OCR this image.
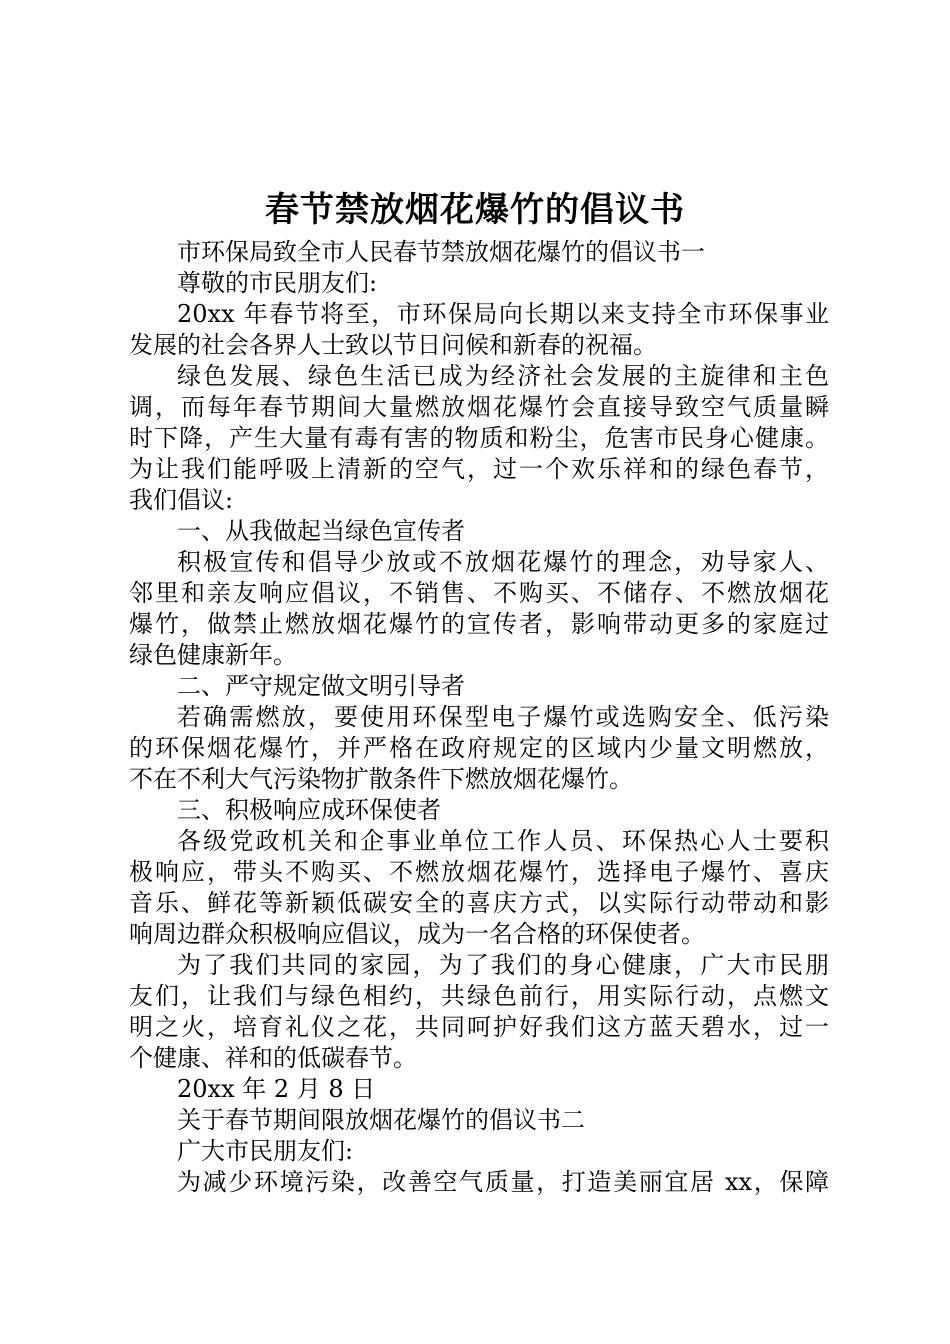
春节禁放烟花爆竹的倡议书
市环保局致全市人民春节禁放烟花爆竹的倡议书一
尊敬的市民朋友们:
20xx 年春节将至，市环保局向长期以来支持全市环保事业
发展的社会各界人士致以节日问候和新春的祝福。
绿色发展、绿色生活已成为经济社会发展的主旋律和主色
调，而每年春节期间大量燃放烟花爆竹会直接导致空气质量瞬
时下降，产生大量有毒有害的物质和粉尘，危害市民身心健康。
为让我们能呼吸上清新的空气，过一个欢乐祥和的绿色春节，
我们倡议:
一、从我做起当绿色宣传者
积极宣传和倡导少放或不放烟花爆竹的理念，劝导家人、
邻里和亲友响应倡议，不销售、不购买、不储存、不燃放烟花
爆竹，做禁止燃放烟花爆竹的宣传者，影响带动更多的家庭过
绿色健康新年。
二、严守规定做文明引导者
若确需燃放，要使用环保型电子爆竹或选购安全、低污染
的环保烟花爆竹，并严格在政府规定的区域内少量文明燃放，
不在不利大气污染物扩散条件下燃放烟花爆竹。
三、积极响应成环保使者
各级党政机关和企事业单位工作人员、环保热心人士要积
极响应，带头不购买、不燃放烟花爆竹，选择电子爆竹、喜庆
音乐、鲜花等新颖低碳安全的喜庆方式，以实际行动带动和影
响周边群众积极响应倡议，成为一名合格的环保使者。
为了我们共同的家园，为了我们的身心健康，广大市民朋
友们，让我们与绿色相约，共绿色前行，用实际行动，点燃文
明之火，培育礼仪之花，共同呵护好我们这方蓝天碧水，过一
个健康、祥和的低碳春节。
20xx 年 2 月 8 日
关于春节期间限放烟花爆竹的倡议书二
广大市民朋友们:
为减少环境污染，改善空气质量，打造美丽宜居 xx，保障
